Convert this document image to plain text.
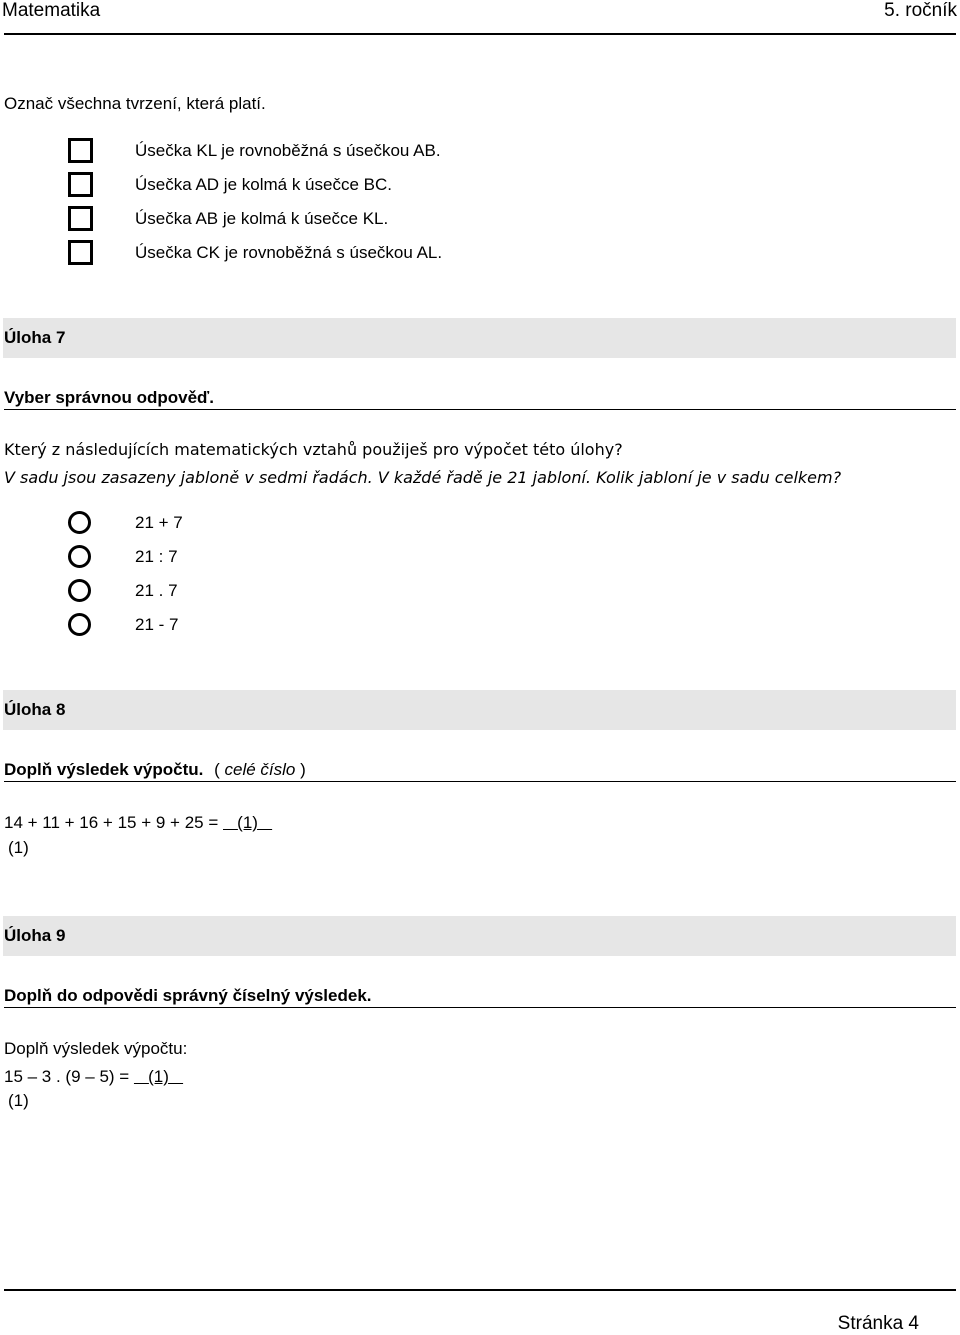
Matematika	5. ročník
Označ všechna tvrzení, která platí.
Úsečka KL je rovnoběžná s úsečkou AB.
Úsečka AD je kolmá k úsečce BC.
Úsečka AB je kolmá k úsečce KL.
Úsečka CK je rovnoběžná s úsečkou AL.
Úloha 7
Vyber správnou odpověď.
Který z následujících matematických vztahů použiješ pro výpočet této úlohy?
V sadu jsou zasazeny jabloně v sedmi řadách. V každé řadě je 21 jabloní. Kolik jabloní je v sadu celkem?
21 + 7
21 : 7
21 . 7
21 - 7
Úloha 8
Doplň výsledek výpočtu. ( celé číslo )
14 + 11 + 16 + 15 + 9 + 25 = (1)
(1)
Úloha 9
Doplň do odpovědi správný číselný výsledek.
Doplň výsledek výpočtu:
15 – 3 . (9 – 5) = (1)
(1)
Stránka 4
